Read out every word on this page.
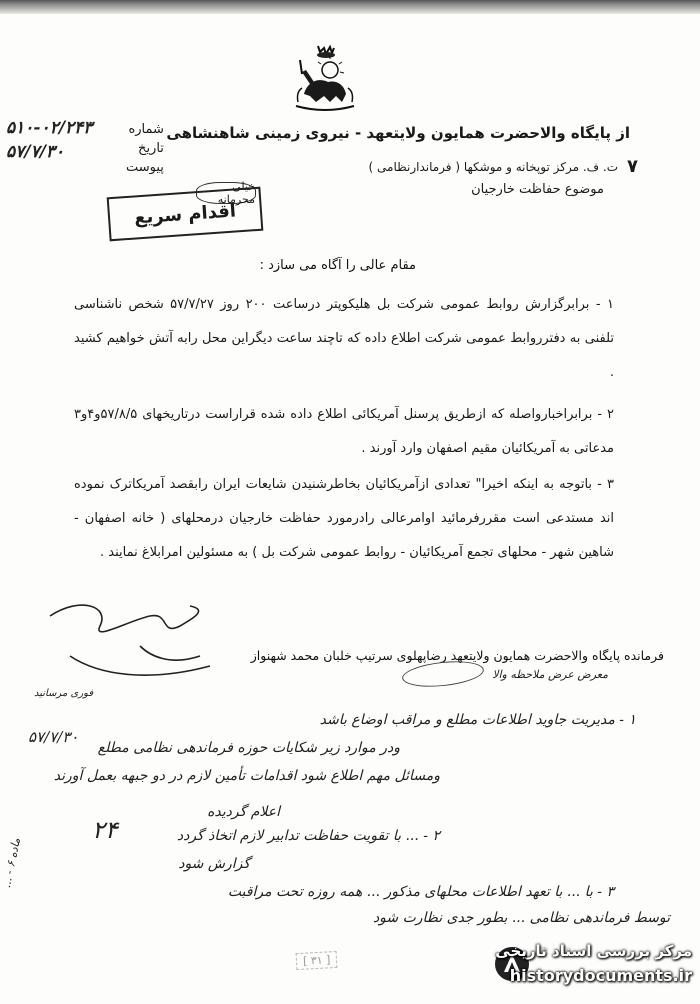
از پایگاه والاحضرت همایون ولایتعهد - نیروی زمینی شاهنشاهی
ت. ف. مرکز توپخانه و موشکها ( فرماندارنظامی ) ۷
موضوع حفاظت خارجیان
شماره
تاریخ
پیوست
۵۱۰-۰۲/۲۴۳
۵۷/۷/۳۰
خیلی محرمانه
اقدام سریع
مقام عالی را آگاه می سازد :
۱ - برابرگزارش روابط عمومی شرکت بل هلیکوپتر درساعت ۲۰۰ روز ۵۷/۷/۲۷ شخص ناشناسی تلفنی به دفترروابط عمومی شرکت اطلاع داده که تاچند ساعت دیگراین محل رابه آتش خواهیم کشید .
۲ - برابراخبارواصله که ازطریق پرسنل آمریکائی اطلاع داده شده قراراست درتاریخهای ۵۷/۸/۵و۴و۳ مدعاتی به آمریکائیان مقیم اصفهان وارد آورند .
۳ - باتوجه به اینکه اخیرا" تعدادی ازآمریکائیان بخاطرشنیدن شایعات ایران رابقصد آمریکاترک نموده اند مستدعی است مقررفرمائید اوامرعالی رادرمورد حفاظت خارجیان درمحلهای ( خانه اصفهان - شاهین شهر - محلهای تجمع آمریکائیان - روابط عمومی شرکت بل ) به مسئولین امرابلاغ نمایند .
فرمانده پایگاه والاحضرت همایون ولایتعهد رضاپهلوی سرتیپ خلبان محمد شهنواز
معرض عرض ملاحظه والا
فوری مرسانید
۵۷/۷/۳۰
۱ - مدیریت جاوید اطلاعات مطلع و مراقب اوضاع باشد
ودر موارد زیر شکایات حوزه فرماندهی نظامی مطلع
ومسائل مهم اطلاع شود اقدامات تأمین لازم در دو جبهه بعمل آورند
اعلام گردیده
۲ - ... با تقویت حفاظت تدابیر لازم اتخاذ گردد
گزارش شود
۳ - با ... با تعهد اطلاعات محلهای مذکور ... همه روزه تحت مراقبت
توسط فرماندهی نظامی ... بطور جدی نظارت شود
۲۴
ماده ۶ - ...
[ ۳۱ ]
مرکز بررسی اسناد تاریخی
historydocuments.ir
